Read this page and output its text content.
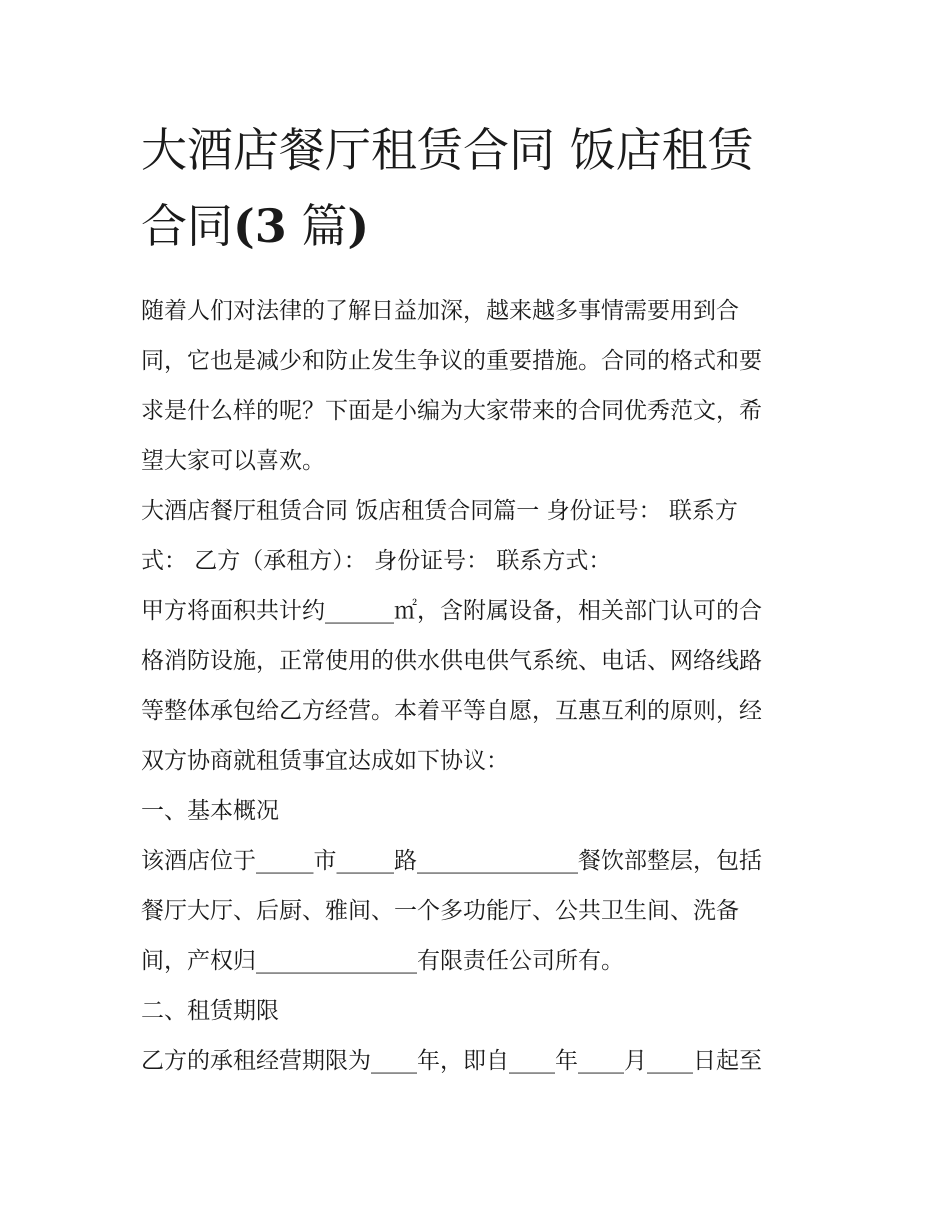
大酒店餐厅租赁合同 饭店租赁
合同(3 篇)

随着人们对法律的了解日益加深，越来越多事情需要用到合
同，它也是减少和防止发生争议的重要措施。合同的格式和要
求是什么样的呢？下面是小编为大家带来的合同优秀范文，希
望大家可以喜欢。

大酒店餐厅租赁合同 饭店租赁合同篇一 身份证号： 联系方
式： 乙方（承租方）： 身份证号： 联系方式：

甲方将面积共计约______㎡，含附属设备，相关部门认可的合
格消防设施，正常使用的供水供电供气系统、电话、网络线路
等整体承包给乙方经营。本着平等自愿，互惠互利的原则，经
双方协商就租赁事宜达成如下协议：

一、基本概况

该酒店位于_____市_____路______________餐饮部整层，包括
餐厅大厅、后厨、雅间、一个多功能厅、公共卫生间、洗备
间，产权归______________有限责任公司所有。

二、租赁期限

乙方的承租经营期限为____年，即自____年____月____日起至
